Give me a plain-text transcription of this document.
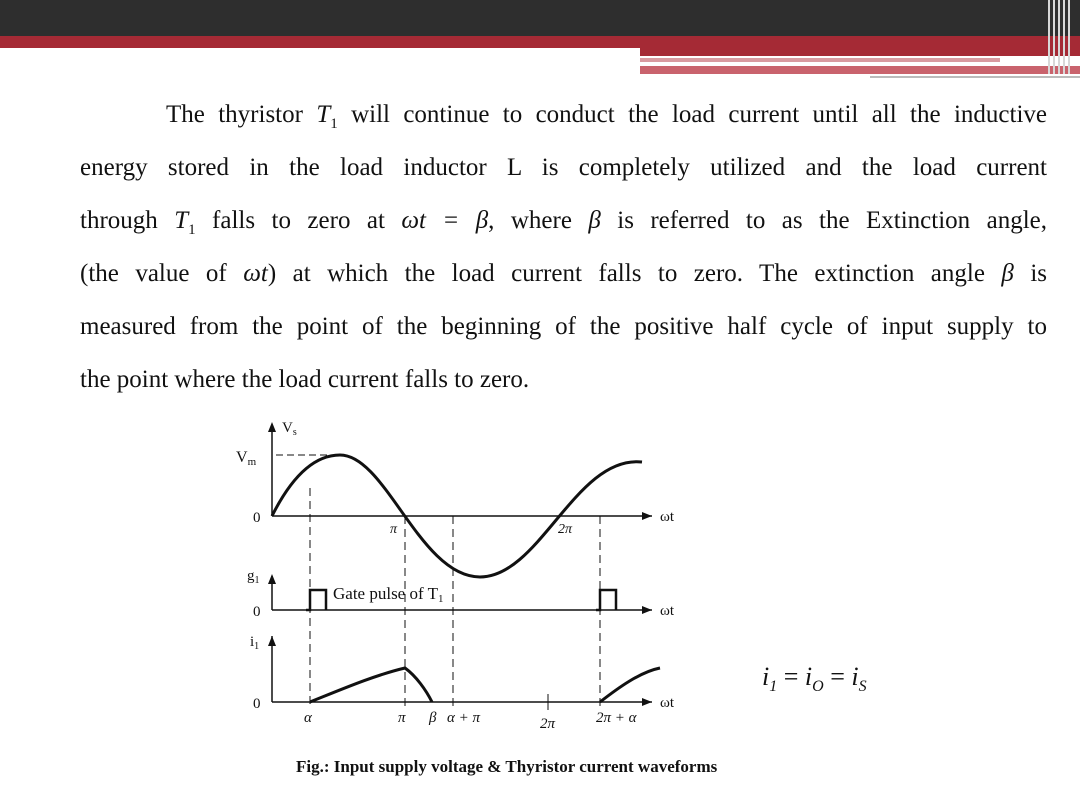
The thyristor $T_1$ will continue to conduct the load current until all the inductive
energy stored in the load inductor L is completely utilized and the load current
through $T_1$ falls to zero at ωt = β, where β is referred to as the Extinction angle,
(the value of ωt) at which the load current falls to zero. The extinction angle β is
measured from the point of the beginning of the positive half cycle of input supply to
the point where the load current falls to zero.
$V_s$
Vm
0	ωt
π	2π
$g_1$
Gate pulse of T1
0	ωt
$i_1$
0	ωt
α	π β α + π	2π	2π + α
$i_1 = i_O = i_S$
Fig.: Input supply voltage & Thyristor current waveforms
